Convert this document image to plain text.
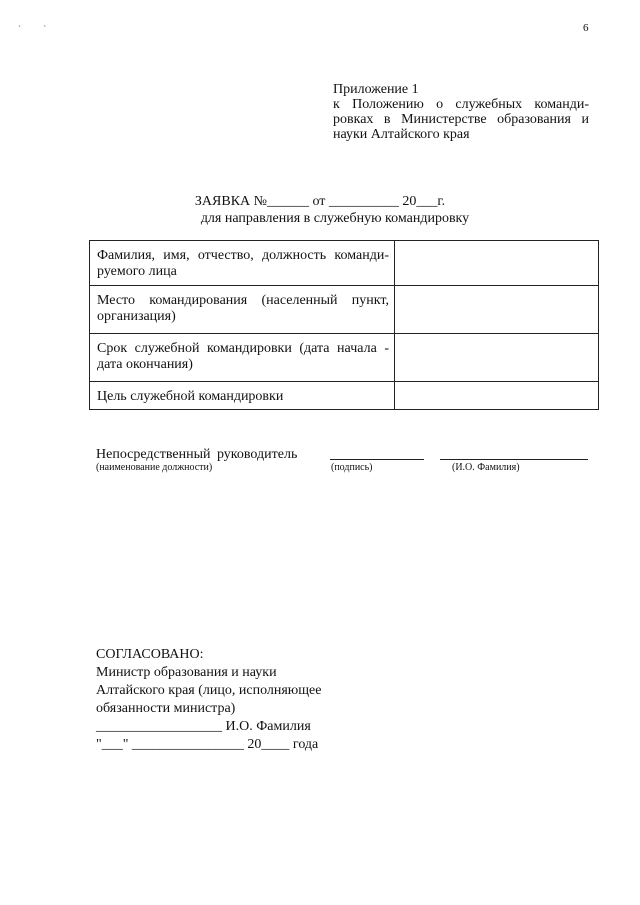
6
` `
Приложение 1
к Положению о служебных команди-
ровках в Министерстве образования и
науки Алтайского края
ЗАЯВКА №______ от __________ 20___г.
для направления в служебную командировку
Фамилия, имя, отчество, должность команди-
руемого лица	

Место командирования (населенный пункт,
организация)	

Срок служебной командировки (дата начала -
дата окончания)	
Цель служебной командировки	
Непосредственный руководитель
(наименование должности)	(подпись)	(И.О. Фамилия)
СОГЛАСОВАНО:
Министр образования и науки
Алтайского края (лицо, исполняющее
обязанности министра)
__________________ И.О. Фамилия
"___" ________________ 20____ года
